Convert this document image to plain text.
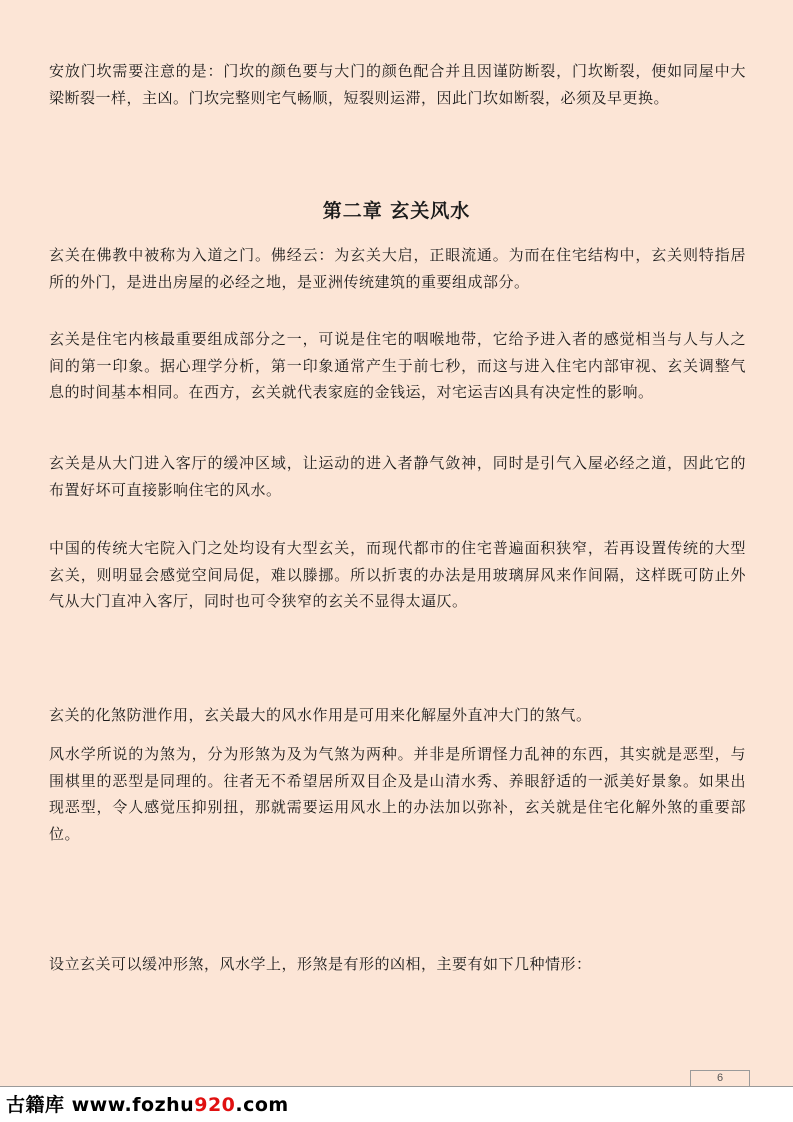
安放门坎需要注意的是：门坎的颜色要与大门的颜色配合并且因谨防断裂，门坎断裂，便如同屋中大梁断裂一样，主凶。门坎完整则宅气畅顺，短裂则运滞，因此门坎如断裂，必须及早更换。

第二章 玄关风水

玄关在佛教中被称为入道之门。佛经云：为玄关大启，正眼流通。为而在住宅结构中，玄关则特指居所的外门，是进出房屋的必经之地，是亚洲传统建筑的重要组成部分。

玄关是住宅内核最重要组成部分之一，可说是住宅的咽喉地带，它给予进入者的感觉相当与人与人之间的第一印象。据心理学分析，第一印象通常产生于前七秒，而这与进入住宅内部审视、玄关调整气息的时间基本相同。在西方，玄关就代表家庭的金钱运，对宅运吉凶具有决定性的影响。

玄关是从大门进入客厅的缓冲区域，让运动的进入者静气敛神，同时是引气入屋必经之道，因此它的布置好坏可直接影响住宅的风水。

中国的传统大宅院入门之处均设有大型玄关，而现代都市的住宅普遍面积狭窄，若再设置传统的大型玄关，则明显会感觉空间局促，难以滕挪。所以折衷的办法是用玻璃屏风来作间隔，这样既可防止外气从大门直冲入客厅，同时也可令狭窄的玄关不显得太逼仄。

玄关的化煞防泄作用，玄关最大的风水作用是可用来化解屋外直冲大门的煞气。

风水学所说的为煞为，分为形煞为及为气煞为两种。并非是所谓怪力乱神的东西，其实就是恶型，与围棋里的恶型是同理的。往者无不希望居所双目企及是山清水秀、养眼舒适的一派美好景象。如果出现恶型，令人感觉压抑别扭，那就需要运用风水上的办法加以弥补，玄关就是住宅化解外煞的重要部位。

设立玄关可以缓冲形煞，风水学上，形煞是有形的凶相，主要有如下几种情形：

6
古籍库 www.fozhu920.com
